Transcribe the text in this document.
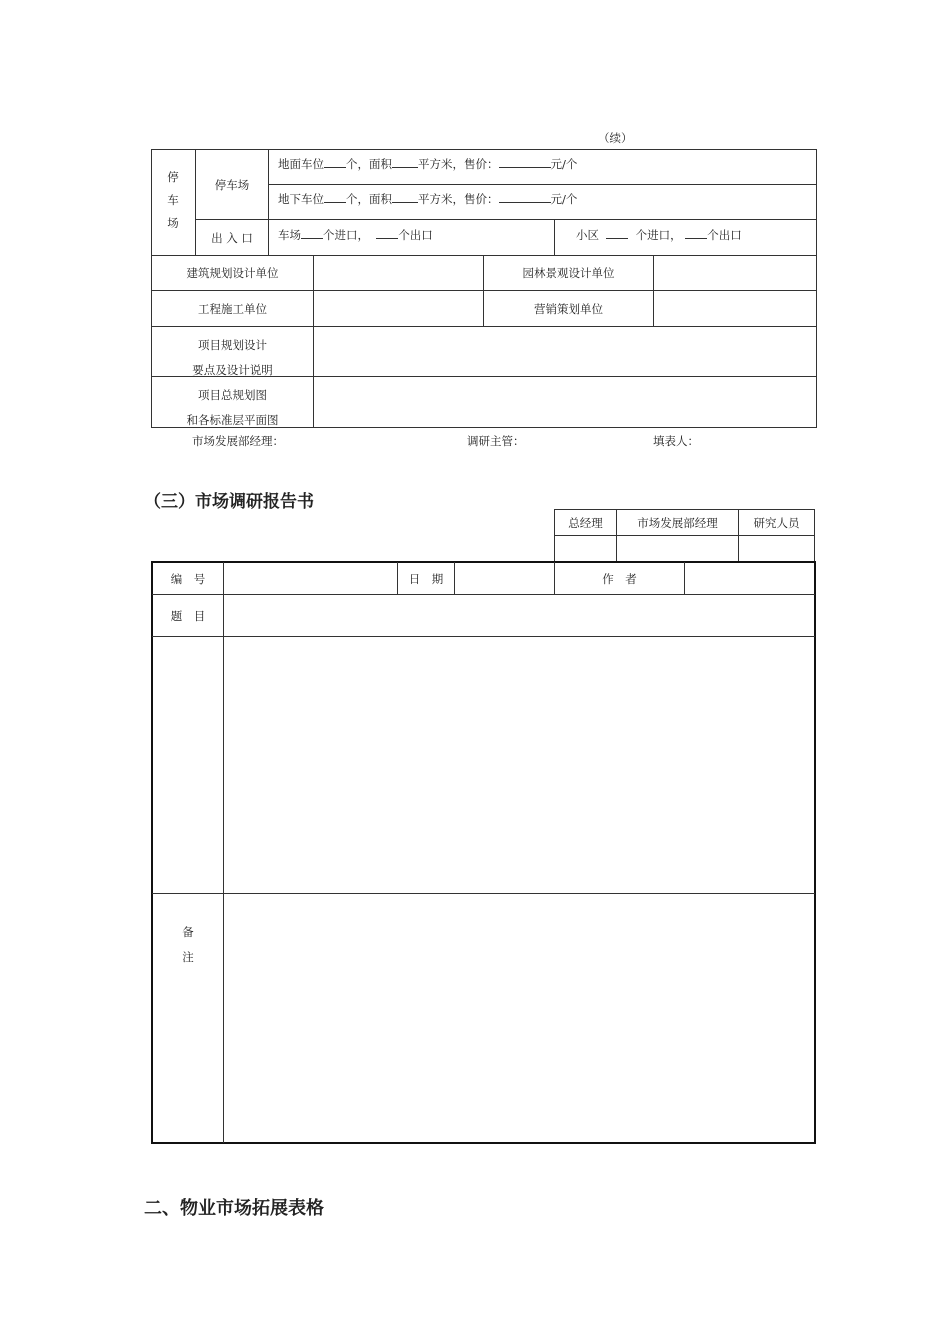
（续）
停
车
场
停车场
地面车位 个，面积 平方米，售价：	元/个
地下车位 个，面积 平方米，售价：	元/个
出 入 口 车场 个进口，	个出口	小区	个进口， 个出口
建筑规划设计单位	园林景观设计单位
工程施工单位	营销策划单位
项目规划设计
要点及设计说明
项目总规划图
和各标准层平面图
市场发展部经理：	调研主管：	填表人：
（三）市场调研报告书
总经理	市场发展部经理	研究人员
编　号	日　期	作　者
题　目
备
注
二、物业市场拓展表格
